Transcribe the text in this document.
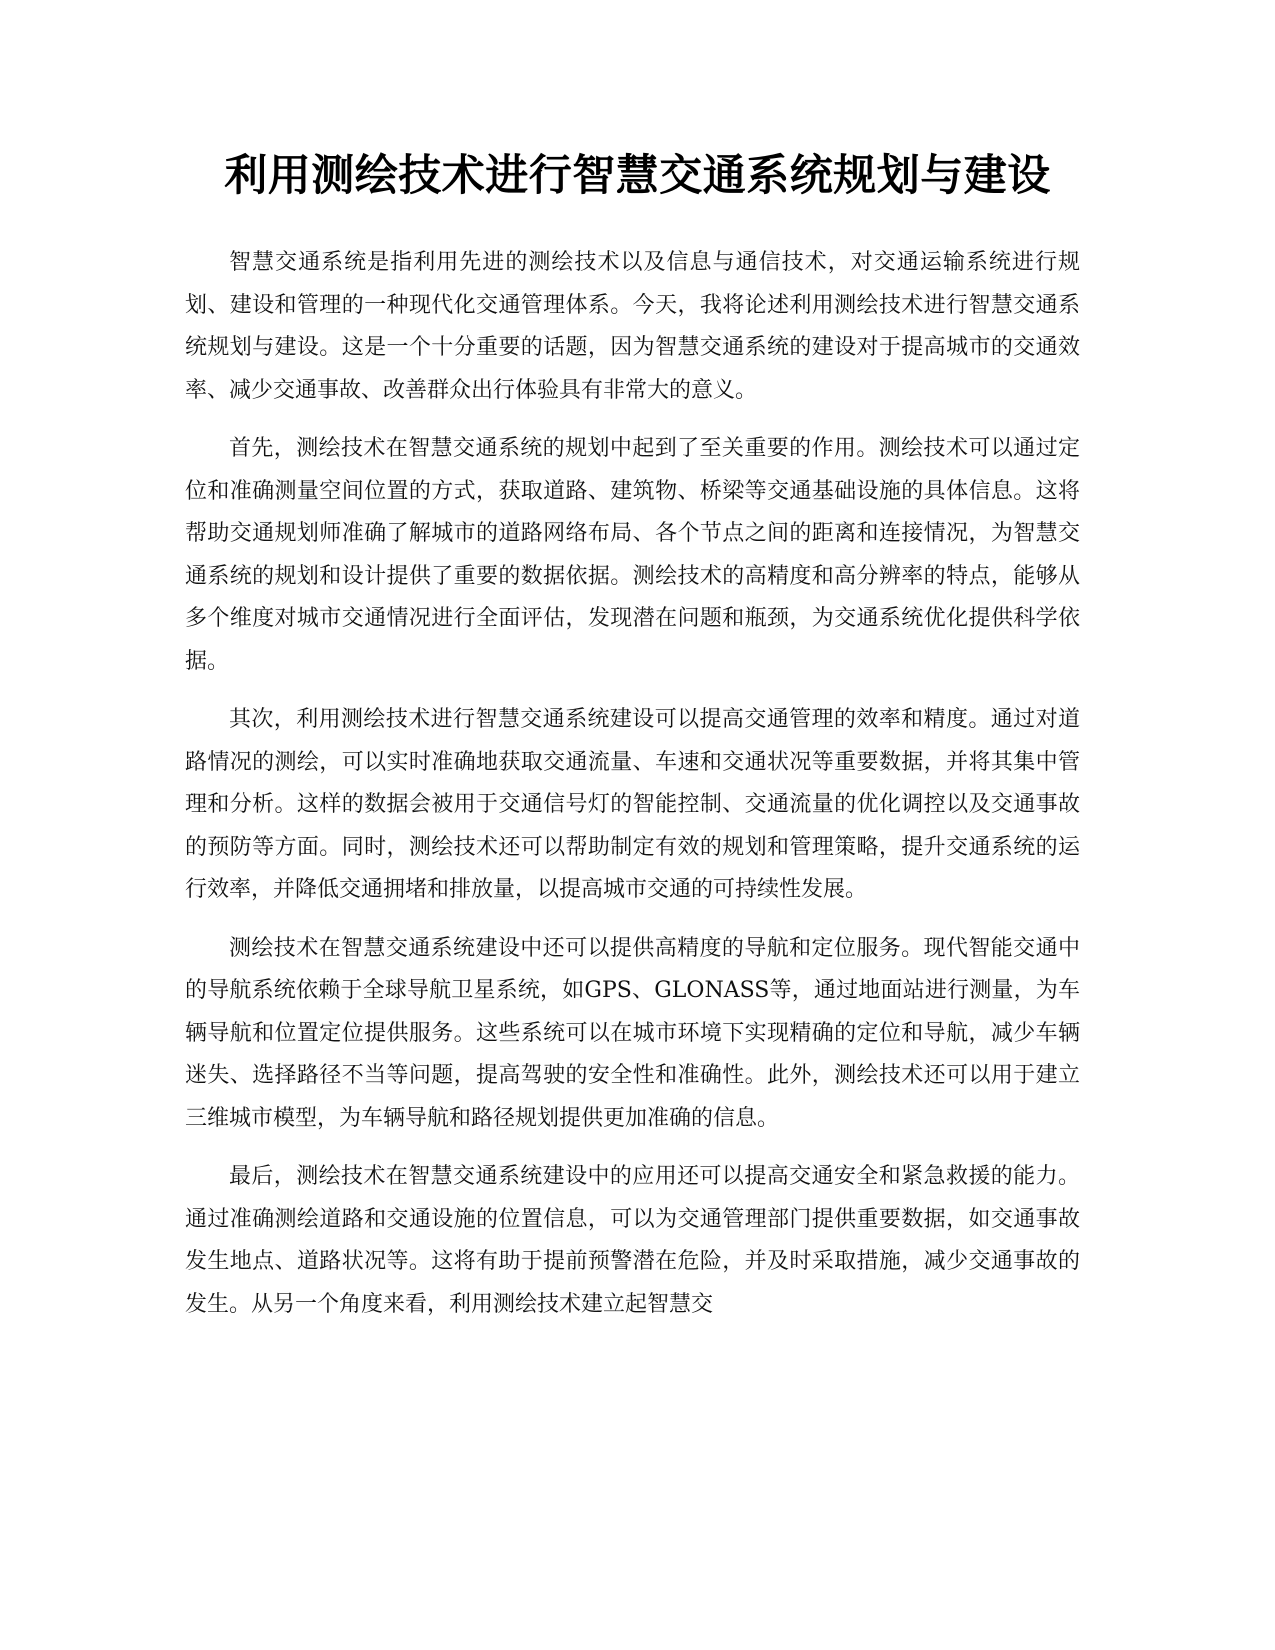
利用测绘技术进行智慧交通系统规划与建设

智慧交通系统是指利用先进的测绘技术以及信息与通信技术，对交通运输系统进行规划、建设和管理的一种现代化交通管理体系。今天，我将论述利用测绘技术进行智慧交通系统规划与建设。这是一个十分重要的话题，因为智慧交通系统的建设对于提高城市的交通效率、减少交通事故、改善群众出行体验具有非常大的意义。

首先，测绘技术在智慧交通系统的规划中起到了至关重要的作用。测绘技术可以通过定位和准确测量空间位置的方式，获取道路、建筑物、桥梁等交通基础设施的具体信息。这将帮助交通规划师准确了解城市的道路网络布局、各个节点之间的距离和连接情况，为智慧交通系统的规划和设计提供了重要的数据依据。测绘技术的高精度和高分辨率的特点，能够从多个维度对城市交通情况进行全面评估，发现潜在问题和瓶颈，为交通系统优化提供科学依据。

其次，利用测绘技术进行智慧交通系统建设可以提高交通管理的效率和精度。通过对道路情况的测绘，可以实时准确地获取交通流量、车速和交通状况等重要数据，并将其集中管理和分析。这样的数据会被用于交通信号灯的智能控制、交通流量的优化调控以及交通事故的预防等方面。同时，测绘技术还可以帮助制定有效的规划和管理策略，提升交通系统的运行效率，并降低交通拥堵和排放量，以提高城市交通的可持续性发展。

测绘技术在智慧交通系统建设中还可以提供高精度的导航和定位服务。现代智能交通中的导航系统依赖于全球导航卫星系统，如GPS、GLONASS等，通过地面站进行测量，为车辆导航和位置定位提供服务。这些系统可以在城市环境下实现精确的定位和导航，减少车辆迷失、选择路径不当等问题，提高驾驶的安全性和准确性。此外，测绘技术还可以用于建立三维城市模型，为车辆导航和路径规划提供更加准确的信息。

最后，测绘技术在智慧交通系统建设中的应用还可以提高交通安全和紧急救援的能力。通过准确测绘道路和交通设施的位置信息，可以为交通管理部门提供重要数据，如交通事故发生地点、道路状况等。这将有助于提前预警潜在危险，并及时采取措施，减少交通事故的发生。从另一个角度来看，利用测绘技术建立起智慧交
